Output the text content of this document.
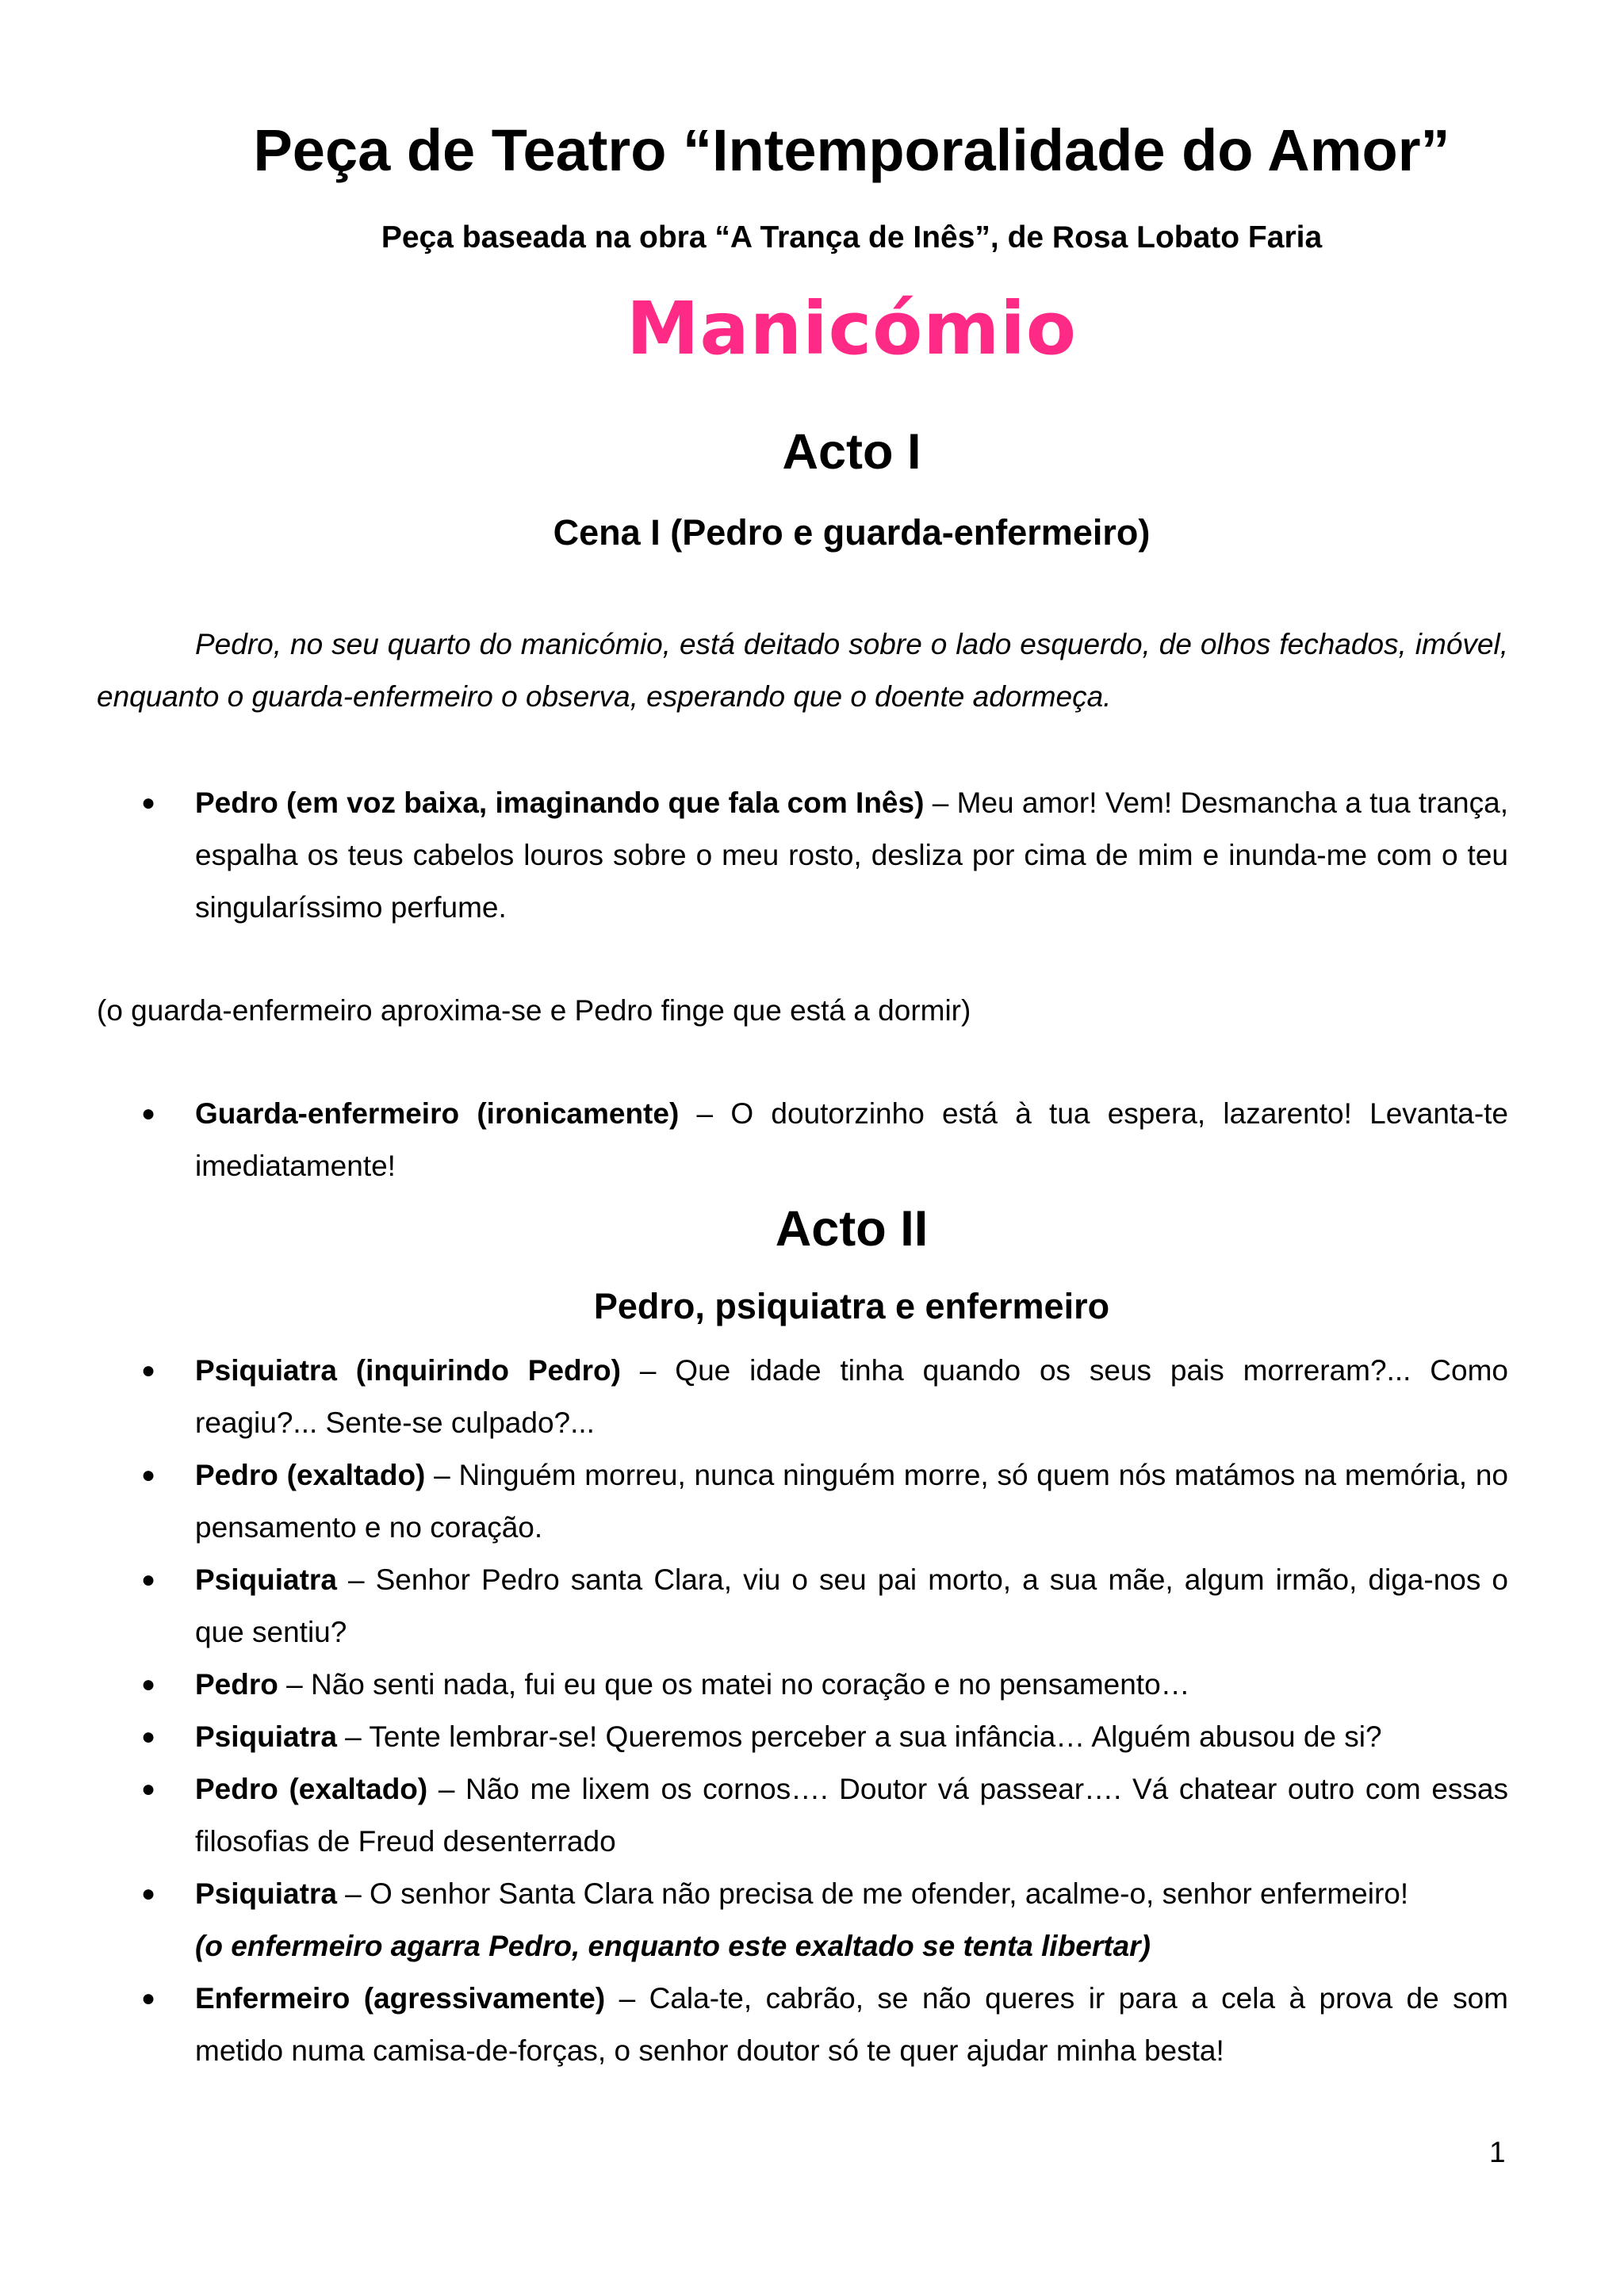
Peça de Teatro “Intemporalidade do Amor”
Peça baseada na obra “A Trança de Inês”, de Rosa Lobato Faria
Manicómio
Acto I
Cena I (Pedro e guarda-enfermeiro)
Pedro, no seu quarto do manicómio, está deitado sobre o lado esquerdo, de olhos fechados, imóvel, enquanto o guarda-enfermeiro o observa, esperando que o doente adormeça.
● Pedro (em voz baixa, imaginando que fala com Inês) – Meu amor! Vem! Desmancha a tua trança, espalha os teus cabelos louros sobre o meu rosto, desliza por cima de mim e inunda-me com o teu singularíssimo perfume.
(o guarda-enfermeiro aproxima-se e Pedro finge que está a dormir)
● Guarda-enfermeiro (ironicamente) – O doutorzinho está à tua espera, lazarento! Levanta-te imediatamente!
Acto II
Pedro, psiquiatra e enfermeiro
● Psiquiatra (inquirindo Pedro) – Que idade tinha quando os seus pais morreram?... Como reagiu?... Sente-se culpado?...
● Pedro (exaltado) – Ninguém morreu, nunca ninguém morre, só quem nós matámos na memória, no pensamento e no coração.
● Psiquiatra – Senhor Pedro santa Clara, viu o seu pai morto, a sua mãe, algum irmão, diga-nos o que sentiu?
● Pedro – Não senti nada, fui eu que os matei no coração e no pensamento…
● Psiquiatra – Tente lembrar-se! Queremos perceber a sua infância… Alguém abusou de si?
● Pedro (exaltado) – Não me lixem os cornos…. Doutor vá passear…. Vá chatear outro com essas filosofias de Freud desenterrado
● Psiquiatra – O senhor Santa Clara não precisa de me ofender, acalme-o, senhor enfermeiro!
(o enfermeiro agarra Pedro, enquanto este exaltado se tenta libertar)
● Enfermeiro (agressivamente) – Cala-te, cabrão, se não queres ir para a cela à prova de som metido numa camisa-de-forças, o senhor doutor só te quer ajudar minha besta!
1
